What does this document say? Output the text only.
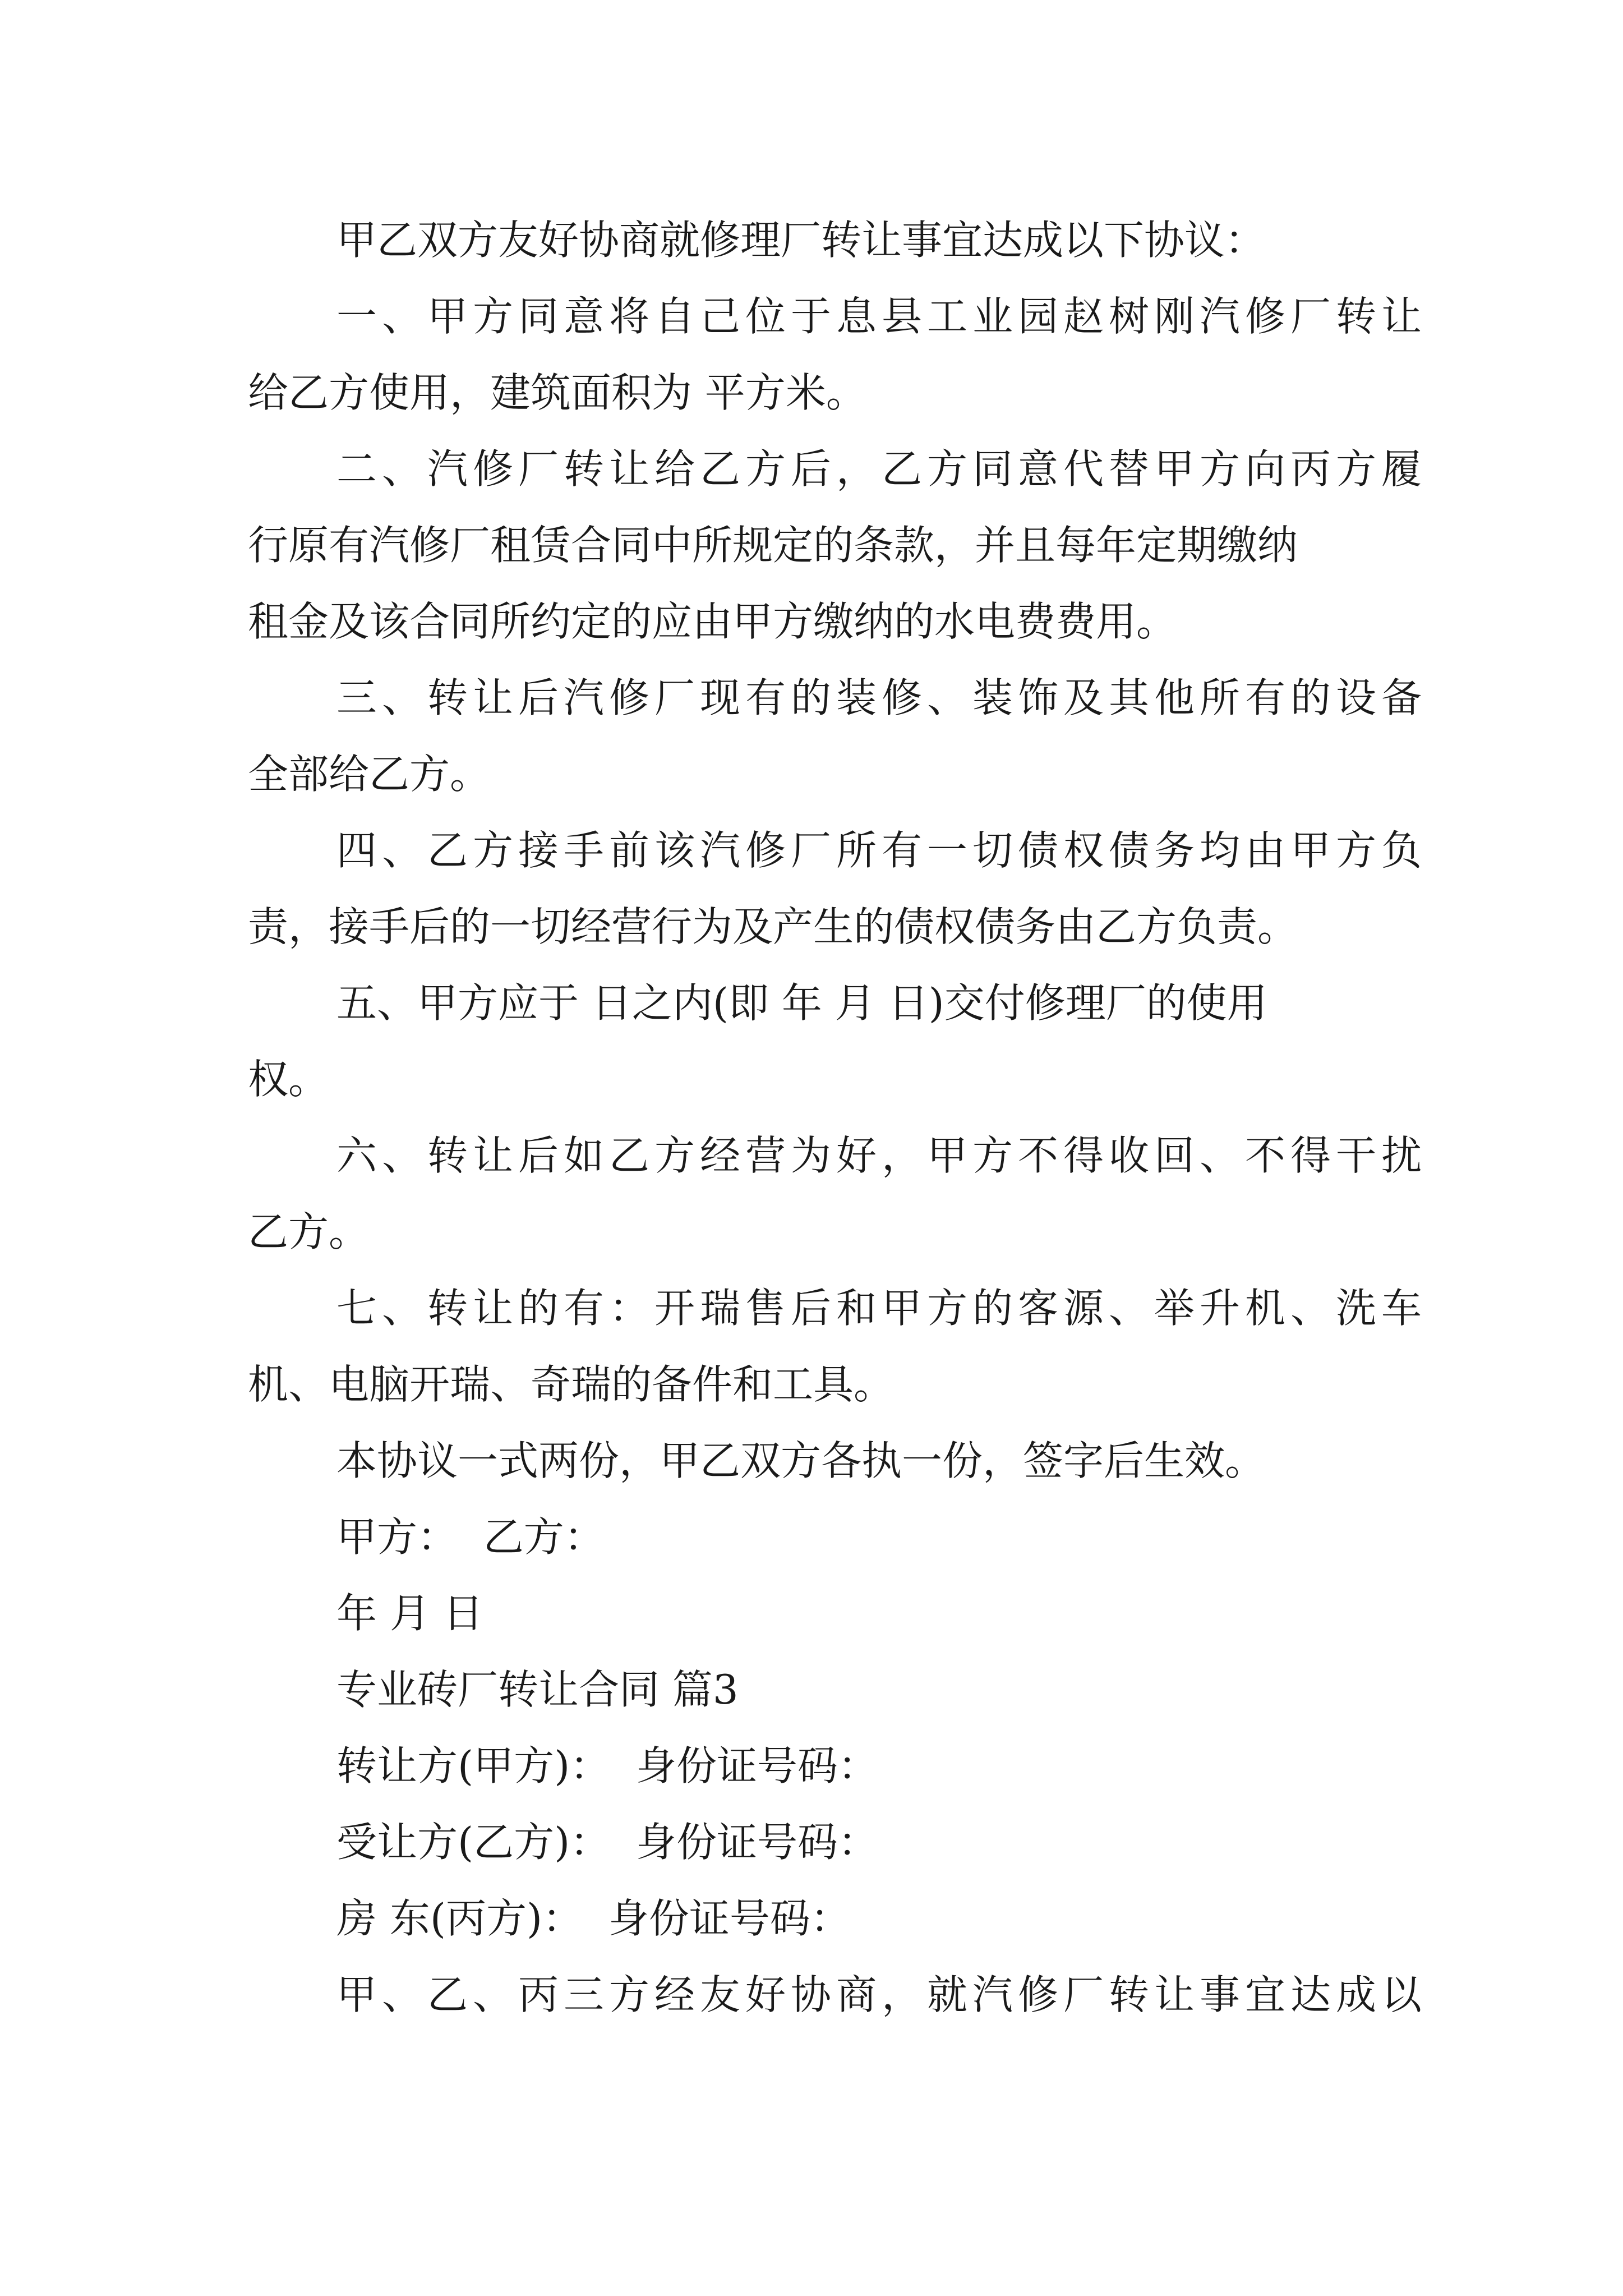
甲乙双方友好协商就修理厂转让事宜达成以下协议：

一、甲方同意将自己位于息县工业园赵树刚汽修厂转让

给乙方使用，建筑面积为 平方米。

二、汽修厂转让给乙方后，乙方同意代替甲方向丙方履

行原有汽修厂租赁合同中所规定的条款，并且每年定期缴纳

租金及该合同所约定的应由甲方缴纳的水电费费用。

三、转让后汽修厂现有的装修、装饰及其他所有的设备

全部给乙方。

四、乙方接手前该汽修厂所有一切债权债务均由甲方负

责，接手后的一切经营行为及产生的债权债务由乙方负责。

五、甲方应于 日之内(即 年 月 日)交付修理厂的使用

权。

六、转让后如乙方经营为好，甲方不得收回、不得干扰

乙方。

七、转让的有：开瑞售后和甲方的客源、举升机、洗车

机、电脑开瑞、奇瑞的备件和工具。

本协议一式两份，甲乙双方各执一份，签字后生效。

甲方：  乙方：

年 月 日

专业砖厂转让合同 篇3

转让方(甲方)：  身份证号码：

受让方(乙方)：  身份证号码：

房 东(丙方)：  身份证号码：

甲、乙、丙三方经友好协商，就汽修厂转让事宜达成以
